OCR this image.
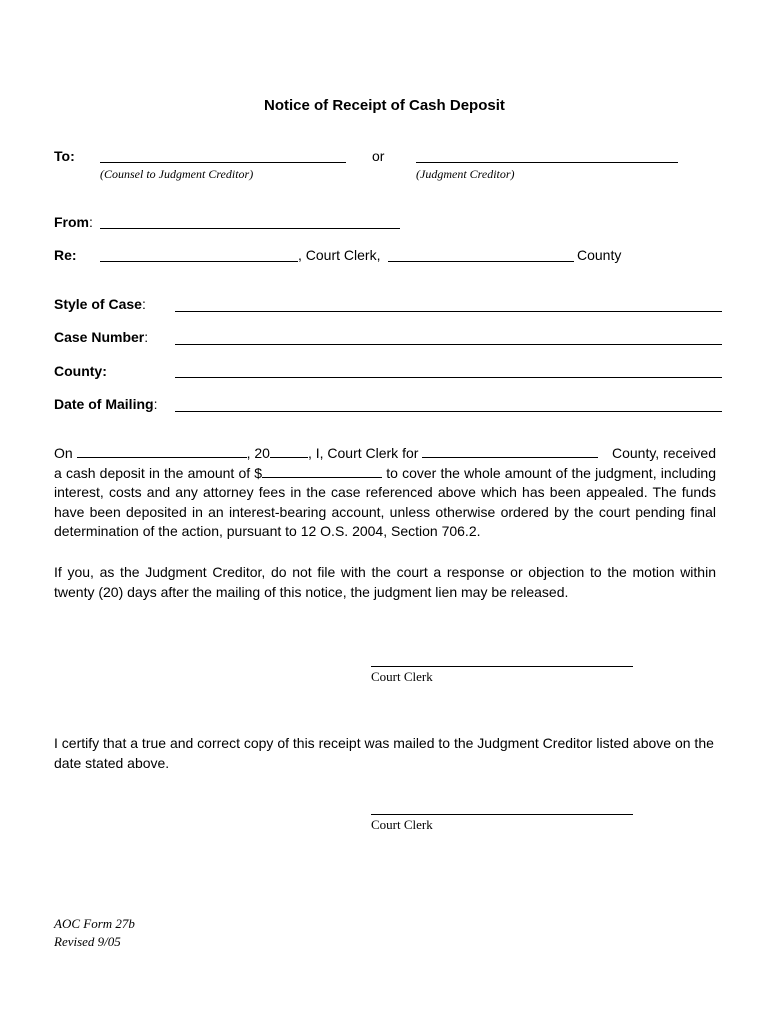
Notice of Receipt of Cash Deposit
To:	or
(Counsel to Judgment Creditor)	(Judgment Creditor)
From:
Re:	, Court Clerk,	County
Style of Case:
Case Number:
County:
Date of Mailing:
On	, 20	, I, Court Clerk for	County, received
a cash deposit in the amount of $	to cover the whole amount of the judgment, including interest, costs and any attorney fees in the case referenced above which has been appealed. The funds have been deposited in an interest-bearing account, unless otherwise ordered by the court pending final determination of the action, pursuant to 12 O.S. 2004, Section 706.2.
If you, as the Judgment Creditor, do not file with the court a response or objection to the motion within twenty (20) days after the mailing of this notice, the judgment lien may be released.
Court Clerk
I certify that a true and correct copy of this receipt was mailed to the Judgment Creditor listed above on the date stated above.
Court Clerk
AOC Form 27b
Revised 9/05
